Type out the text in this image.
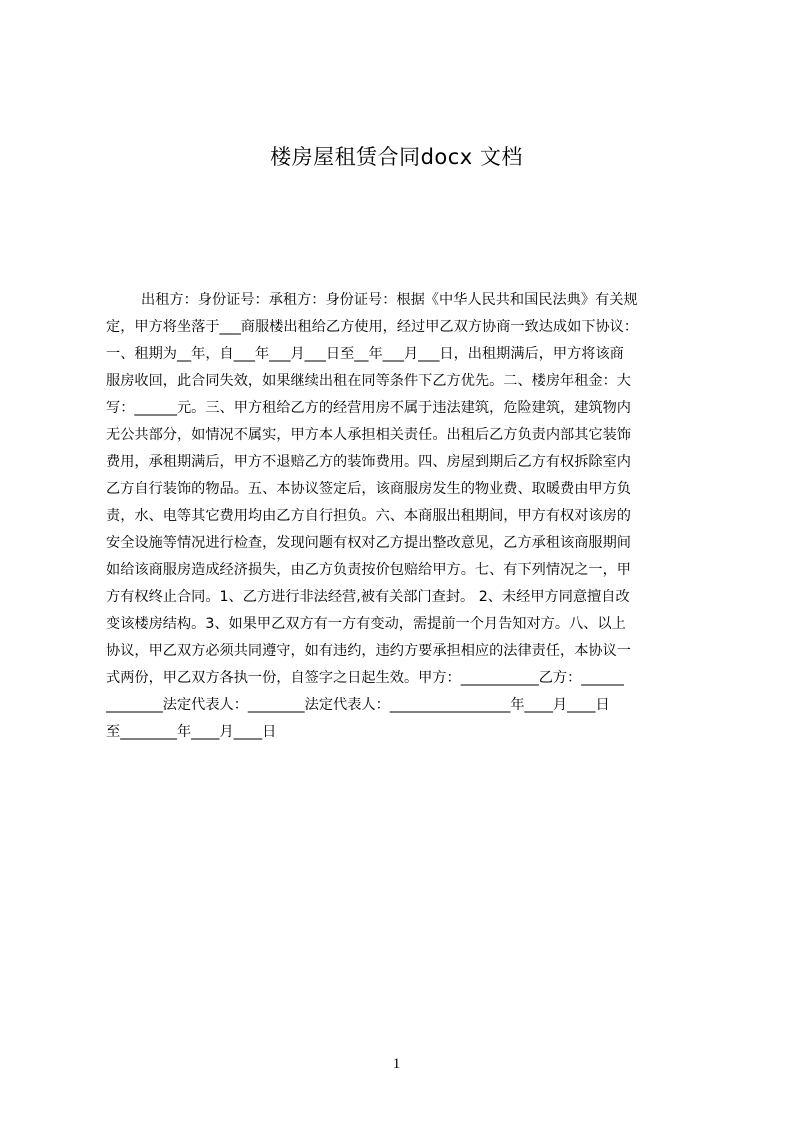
楼房屋租赁合同docx 文档
出租方：身份证号：承租方：身份证号：根据《中华人民共和国民法典》有关规
定，甲方将坐落于___商服楼出租给乙方使用，经过甲乙双方协商一致达成如下协议：
一、租期为__年，自___年___月___日至__年___月___日，出租期满后，甲方将该商
服房收回，此合同失效，如果继续出租在同等条件下乙方优先。二、楼房年租金：大
写：______元。三、甲方租给乙方的经营用房不属于违法建筑，危险建筑，建筑物内
无公共部分，如情况不属实，甲方本人承担相关责任。出租后乙方负责内部其它装饰
费用，承租期满后，甲方不退赔乙方的装饰费用。四、房屋到期后乙方有权拆除室内
乙方自行装饰的物品。五、本协议签定后，该商服房发生的物业费、取暖费由甲方负
责，水、电等其它费用均由乙方自行担负。六、本商服出租期间，甲方有权对该房的
安全设施等情况进行检查，发现问题有权对乙方提出整改意见，乙方承租该商服期间
如给该商服房造成经济损失，由乙方负责按价包赔给甲方。七、有下列情况之一，甲
方有权终止合同。1、乙方进行非法经营,被有关部门查封。 2、未经甲方同意擅自改
变该楼房结构。3、如果甲乙双方有一方有变动，需提前一个月告知对方。八、以上
协议，甲乙双方必须共同遵守，如有违约，违约方要承担相应的法律责任，本协议一
式两份，甲乙双方各执一份，自签字之日起生效。甲方：___________乙方：______
________法定代表人：________法定代表人：_________________年____月____日
至________年____月____日
1
